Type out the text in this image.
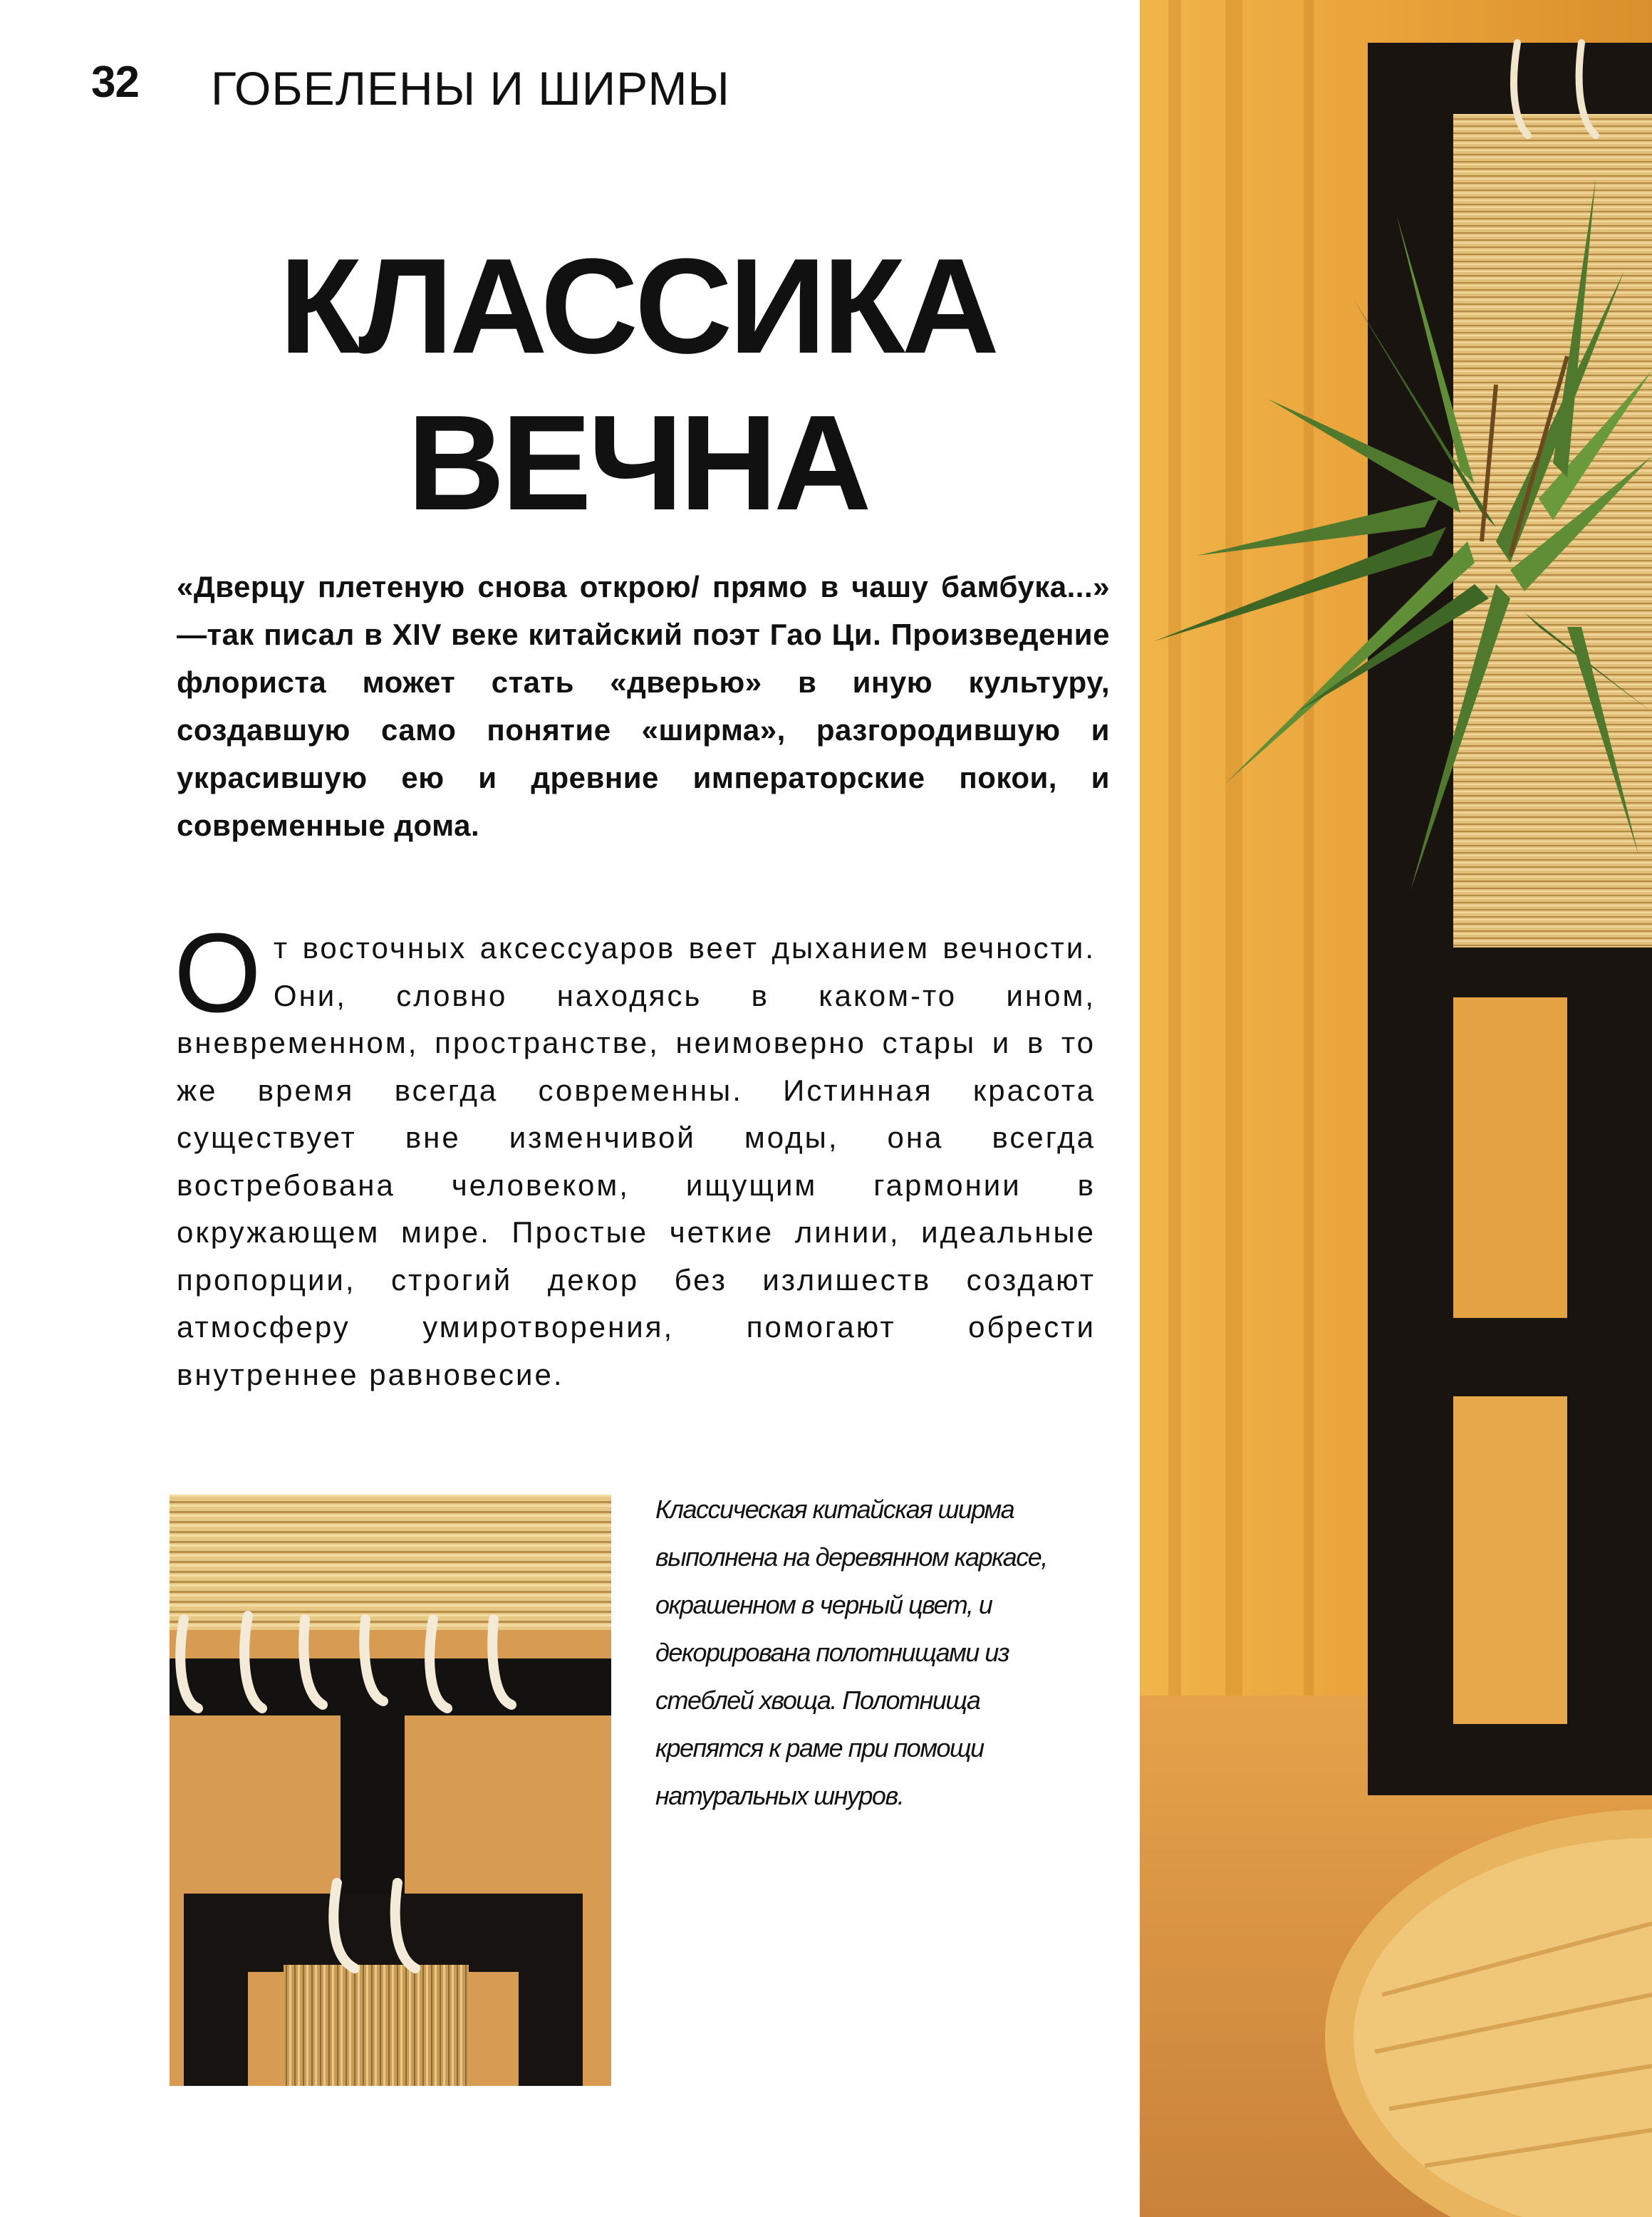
32 ГОБЕЛЕНЫ И ШИРМЫ
КЛАССИКА
ВЕЧНА
«Дверцу плетеную снова открою/ прямо в чашу бамбука...» —так писал в XIV веке китайский поэт Гао Ци. Произведение флориста может стать «дверью» в иную культуру, создавшую само понятие «ширма», разгородившую и украсившую ею и древние императорские покои, и современные дома.
О т восточных аксессуаров веет дыханием вечности. Они, словно находясь в каком-то ином, вневременном, пространстве, неимоверно стары и в то же время всегда современны. Истинная красота существует вне изменчивой моды, она всегда востребована человеком, ищущим гармонии в окружающем мире. Простые четкие линии, идеальные пропорции, строгий декор без излишеств создают атмосферу умиротворения, помогают обрести внутреннее равновесие.
Классическая китайская ширма выполнена на деревянном каркасе, окрашенном в черный цвет, и декорирована полотнищами из стеблей хвоща. Полотнища крепятся к раме при помощи натуральных шнуров.
